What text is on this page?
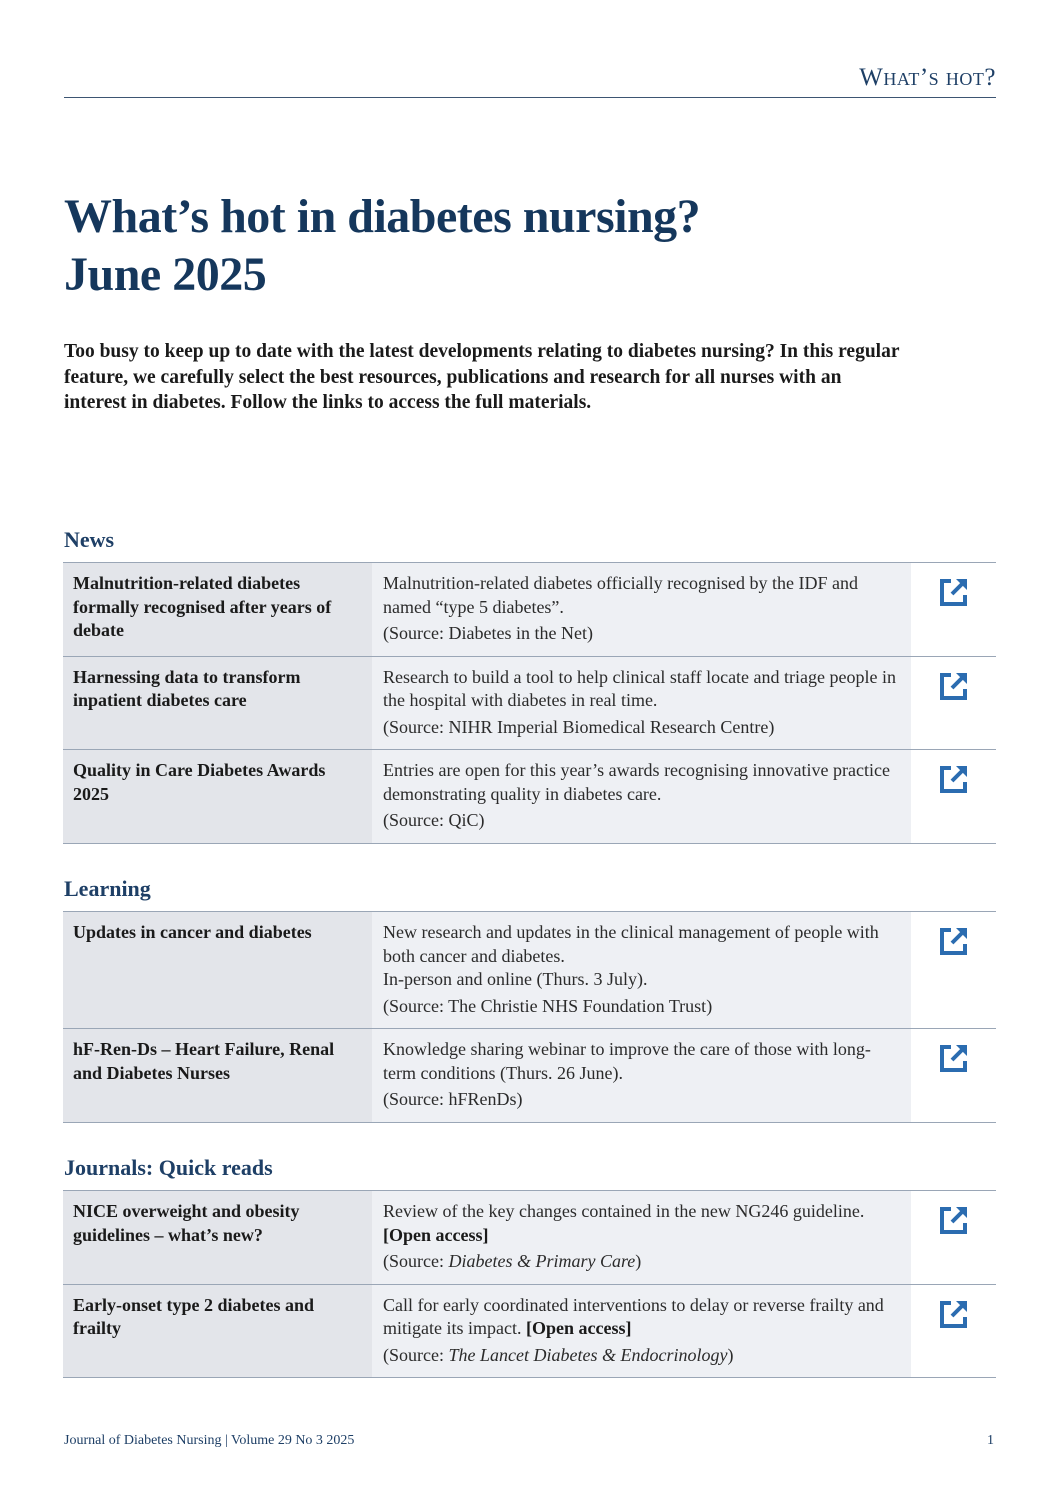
What’s hot?
What’s hot in diabetes nursing?
June 2025

Too busy to keep up to date with the latest developments relating to diabetes nursing? In this regular feature, we carefully select the best resources, publications and research for all nurses with an interest in diabetes. Follow the links to access the full materials.

News
Malnutrition-related diabetes formally recognised after years of debate	Malnutrition-related diabetes officially recognised by the IDF and named “type 5 diabetes”.
(Source: Diabetes in the Net)

Harnessing data to transform inpatient diabetes care	Research to build a tool to help clinical staff locate and triage people in the hospital with diabetes in real time.
(Source: NIHR Imperial Biomedical Research Centre)

Quality in Care Diabetes Awards 2025	Entries are open for this year’s awards recognising innovative practice demonstrating quality in diabetes care.
(Source: QiC)

Learning
Updates in cancer and diabetes	New research and updates in the clinical management of people with both cancer and diabetes.
In-person and online (Thurs. 3 July).
(Source: The Christie NHS Foundation Trust)

hF-Ren-Ds – Heart Failure, Renal and Diabetes Nurses	Knowledge sharing webinar to improve the care of those with long-term conditions (Thurs. 26 June).
(Source: hFRenDs)

Journals: Quick reads
NICE overweight and obesity guidelines – what’s new?	Review of the key changes contained in the new NG246 guideline. [Open access]
(Source: Diabetes & Primary Care)

Early-onset type 2 diabetes and frailty	Call for early coordinated interventions to delay or reverse frailty and mitigate its impact. [Open access]
(Source: The Lancet Diabetes & Endocrinology)

Journal of Diabetes Nursing | Volume 29 No 3 2025	1
